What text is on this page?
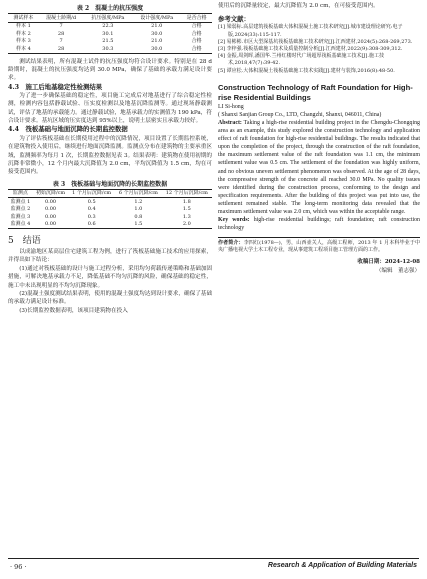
表 2　混凝土的抗压强度

测试样本	混凝土龄期/d	抗压强度/MPa	设计强度/MPa	是否合格
样本 1	7	22.3	21.0	合格
样本 2	28	30.1	30.0	合格
样本 3	7	21.5	21.0	合格
样本 4	28	30.3	30.0	合格

测试结果表明，所有混凝土试件的抗压强度均符合设计要求。特别是在 28 d 龄期时，混凝土的抗压强度均达到 30.0 MPa，确保了基础的承载力满足设计要求。

4.3　施工后地基稳定性检测结果

为了进一步确保基础的稳定性，项目施工完成后对地基进行了综合稳定性检测，检测内容包括静载试验、压实度检测以及地基沉降监测等。通过现场静载测试，评估了地基的承载能力。通过静载试验，地基承载力的实测值为 190 kPa，符合设计要求。基坑区域的压实度达到 95%以上，说明土层密实且承载力较好。

4.4　筏板基础与地面沉降的长期监控数据

为了评估筏板基础在长期使用过程中的沉降情况，项目设置了长期监控系统，在建筑物投入使用后，继续进行地面沉降监测。监测点分布在建筑物的主要承重区域，监测频率为每月 1 次，长期监控数据见表 3。结果表明：建筑物在使用初期的沉降非常微小，12 个月内最大沉降值为 2.0 cm，平均沉降值为 1.5 cm，均在可接受范围内。

表 3　筏板基础与地面沉降的长期监控数据

监测点	初始沉降/cm	1 个月后沉降/cm	6 个月后沉降/cm	12 个月后沉降/cm
监测点 1	0.00	0.5	1.2	1.8
监测点 2	0.00	0.4	1.0	1.5
监测点 3	0.00	0.3	0.8	1.3
监测点 4	0.00	0.6	1.5	2.0
5　结语

以成渝地区某高层住宅建筑工程为例，进行了筏板基础施工技术的应用探索，并得出如下结论：

(1)通过对筏板基础的设计与施工过程分析，采用均匀荷载传递策略和基础加固措施，可解决地基承载力不足，降低基础不均匀沉降的风险，确保基础的稳定性，施工中未出现明显的不均匀沉降现象。

(2)混凝土强度测试结果表明，使用的混凝土强度均达到设计要求，确保了基础的承载力满足设计标准。

(3)长期监控数据表明，该项目建筑物在投入

使用后的沉降量较定，最大沉降值为 2.0 cm，在可接受范围内。

参考文献：

[1] 梁弱标.高层建筑筏板基础大体积混凝土施工技术研究[J].城市建设理论研究:电子版,2024(33):115-117.
[2] 易彬彬.市区大型深基坑筏板基础施工技术研究[J].江西建材,2024(5):268-269,273.
[3] 李梓强.筏板基础施工技术及质量控制分析[J].江西建材,2022(9):308-309,312.
[4] 金振,周剑晖,潘国华.兰州红楼时代广场超厚筏板基础施工技术[J].施工技术,2018,47(7):39-42.
[5] 谭应松.大体积混凝土筏板基础施工技术实践[J].建材与装饰,2016(8):48-50.

Construction Technology of Raft Foundation for High-rise Residential Buildings

LI Si-hong

( Shanxi Sanjian Group Co., LTD, Changzhi, Shanxi, 046011, China)

Abstract: Taking a high-rise residential building project in the Chengdu-Chongqing area as an example, this study explored the construction technology and application effect of raft foundation for high-rise residential buildings. The results indicated that upon the completion of the project, through the construction of the raft foundation, the maximum settlement value of the raft foundation was 1.1 cm, the minimum settlement value was 0.5 cm. The settlement of the foundation was highly uniform, and no obvious uneven settlement phenomenon was observed. At the age of 28 days, the compressive strength of the concrete all reached 30.0 MPa. No quality issues were identified during the construction process, conforming to the design and specification requirements. After the building of this project was put into use, the settlement remained stable. The long-term monitoring data revealed that the maximum settlement value was 2.0 cm, which was within the acceptable range.

Key words: high-rise residential buildings; raft foundation; raft construction technology

作者简介：李四红(1978—)，男，山西壶关人，高级工程师，2013 年 1 月本科毕业于中央广播电视大学土木工程专业，现从事建筑工程项目施工管理方面的工作。

收稿日期：2024-12-08

（编辑　董志强）

· 96 ·	Research & Application of Building Materials
